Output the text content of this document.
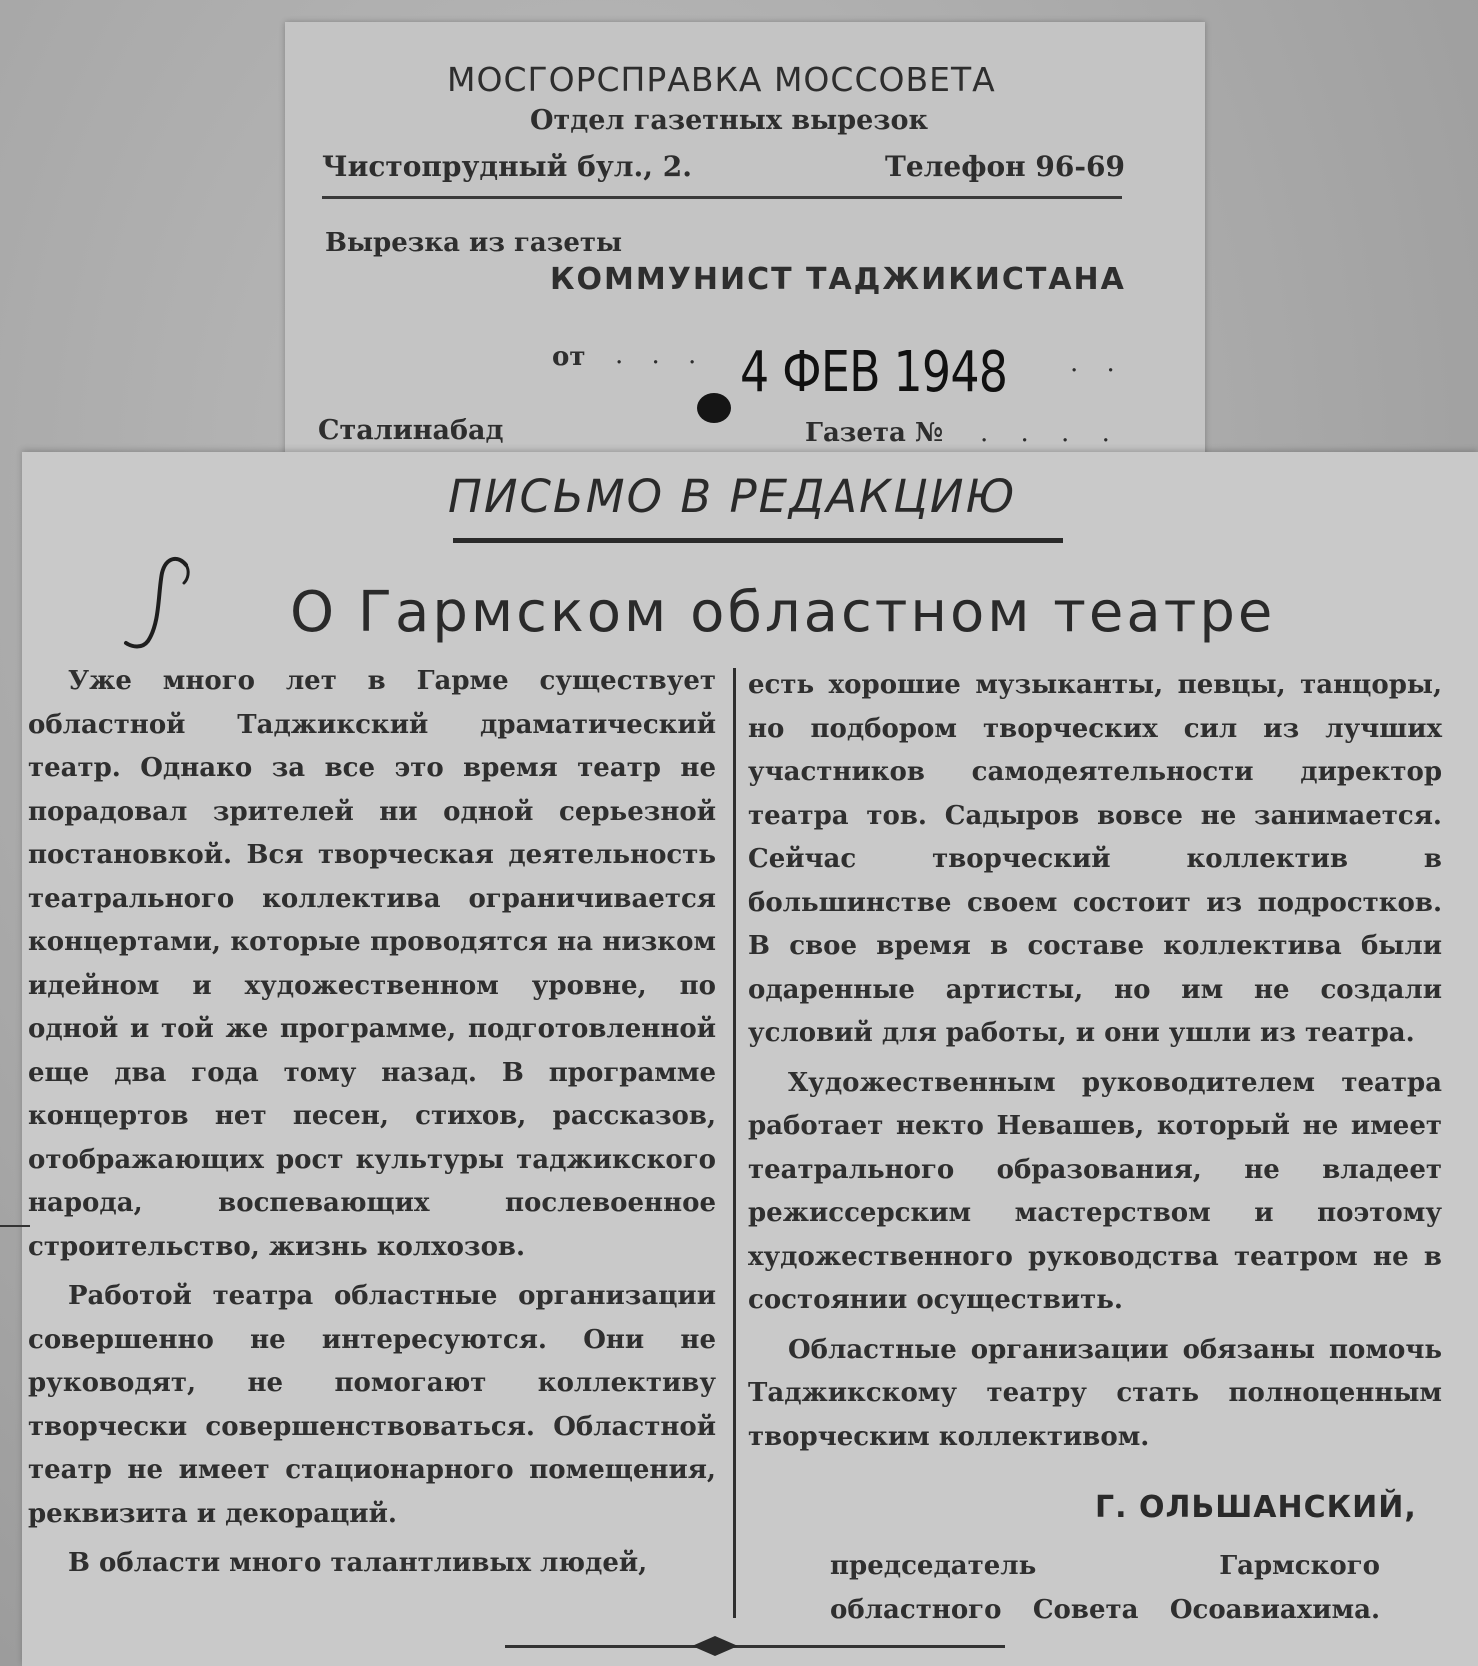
МОСГОРСПРАВКА МОССОВЕТА
Отдел газетных вырезок
Чистопрудный бул., 2.	Телефон 96-69
Вырезка из газеты
КОММУНИСТ ТАДЖИКИСТАНА
от . . . 4 ФЕВ 1948 . .
Сталинабад	Газета № . . . .
ПИСЬМО В РЕДАКЦИЮ
О Гармском областном театре

Уже много лет в Гарме существует областной Таджикский драматический театр. Однако за все это время театр не порадовал зрителей ни одной серьезной постановкой. Вся творческая деятельность театрального коллектива ограничивается концертами, которые проводятся на низком идейном и художественном уровне, по одной и той же программе, подготовленной еще два года тому назад. В программе концертов нет песен, стихов, рассказов, отображающих рост культуры таджикского народа, воспевающих послевоенное строительство, жизнь колхозов.

Работой театра областные организации совершенно не интересуются. Они не руководят, не помогают коллективу творчески совершенствоваться. Областной театр не имеет стационарного помещения, реквизита и декораций.

В области много талантливых людей,

есть хорошие музыканты, певцы, танцоры, но подбором творческих сил из лучших участников самодеятельности директор театра тов. Садыров вовсе не занимается. Сейчас творческий коллектив в большинстве своем состоит из подростков. В свое время в составе коллектива были одаренные артисты, но им не создали условий для работы, и они ушли из театра.

Художественным руководителем театра работает некто Невашев, который не имеет театрального образования, не владеет режиссерским мастерством и поэтому художественного руководства театром не в состоянии осуществить.

Областные организации обязаны помочь Таджикскому театру стать полноценным творческим коллективом.

Г. ОЛЬШАНСКИЙ,
председатель Гармского областного Совета Осоавиахима.
